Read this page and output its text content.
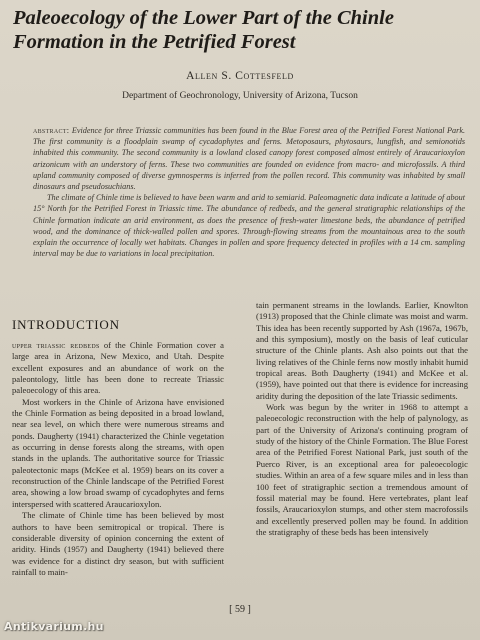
Paleoecology of the Lower Part of the Chinle Formation in the Petrified Forest
Allen S. Cottesfeld
Department of Geochronology, University of Arizona, Tucson

abstract: Evidence for three Triassic communities has been found in the Blue Forest area of the Petrified Forest National Park. The first community is a floodplain swamp of cycadophytes and ferns. Metoposaurs, phytosaurs, lungfish, and semionotids inhabited this community. The second community is a lowland closed canopy forest composed almost entirely of Araucarioxylon arizonicum with an understory of ferns. These two communities are founded on evidence from macro- and microfossils. A third upland community composed of diverse gymnosperms is inferred from the pollen record. This community was inhabited by small dinosaurs and pseudosuchians.

The climate of Chinle time is believed to have been warm and arid to semiarid. Paleomagnetic data indicate a latitude of about 15° North for the Petrified Forest in Triassic time. The abundance of redbeds, and the general stratigraphic relationships of the Chinle formation indicate an arid environment, as does the presence of fresh-water limestone beds, the abundance of petrified wood, and the dominance of thick-walled pollen and spores. Through-flowing streams from the mountainous area to the south explain the occurrence of locally wet habitats. Changes in pollen and spore frequency detected in profiles with a 14 cm. sampling interval may be due to variations in local precipitation.

INTRODUCTION

upper triassic redbeds of the Chinle Formation cover a large area in Arizona, New Mexico, and Utah. Despite excellent exposures and an abundance of work on the paleontology, little has been done to recreate Triassic paleoecology of this area.

Most workers in the Chinle of Arizona have envisioned the Chinle Formation as being deposited in a broad lowland, near sea level, on which there were numerous streams and ponds. Daugherty (1941) characterized the Chinle vegetation as occurring in dense forests along the streams, with open stands in the uplands. The authoritative source for Triassic paleotectonic maps (McKee et al. 1959) bears on its cover a reconstruction of the Chinle landscape of the Petrified Forest area, showing a low broad swamp of cycadophytes and ferns interspersed with scattered Araucarioxylon.

The climate of Chinle time has been believed by most authors to have been semitropical or tropical. There is considerable diversity of opinion concerning the extent of aridity. Hinds (1957) and Daugherty (1941) believed there was evidence for a distinct dry season, but with sufficient rainfall to main-

tain permanent streams in the lowlands. Earlier, Knowlton (1913) proposed that the Chinle climate was moist and warm. This idea has been recently supported by Ash (1967a, 1967b, and this symposium), mostly on the basis of leaf cuticular structure of the Chinle plants. Ash also points out that the living relatives of the Chinle ferns now mostly inhabit humid tropical areas. Both Daugherty (1941) and McKee et al. (1959), have pointed out that there is evidence for increasing aridity during the deposition of the late Triassic sediments.

Work was begun by the writer in 1968 to attempt a paleoecologic reconstruction with the help of palynology, as part of the University of Arizona's continuing program of study of the history of the Chinle Formation. The Blue Forest area of the Petrified Forest National Park, just south of the Puerco River, is an exceptional area for paleoecologic studies. Within an area of a few square miles and in less than 100 feet of stratigraphic section a tremendous amount of fossil material may be found. Here vertebrates, plant leaf fossils, Araucarioxylon stumps, and other stem macrofossils and excellently preserved pollen may be found. In addition the stratigraphy of these beds has been intensively

[ 59 ]
Antikvarium.hu
